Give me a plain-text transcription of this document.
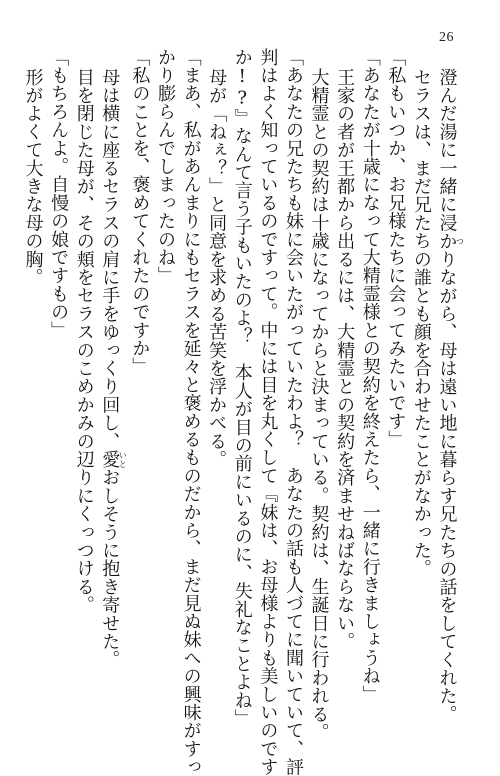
26
澄んだ湯に一緒に浸かつりながら、母は遠い地に暮らす兄たちの話をしてくれた。
セラスは、まだ兄たちの誰とも顔を合わせたことがなかった。
「私もいつか、お兄様たちに会ってみたいです」
「あなたが十歳になって大精霊様との契約を終えたら、一緒に行きましょうね」
王家の者が王都から出るには、大精霊との契約を済ませねばならない。
大精霊との契約は十歳になってからと決まっている。契約は、生誕日に行われる。
「あなたの兄たちも妹に会いたがっていたわよ？　あなたの話も人づてに聞いていて、評
判はよく知っているのですって。中には目を丸くして『妹は、お母様よりも美しいのです
か!?』なんて言う子もいたのよ？　本人が目の前にいるのに、失礼なことよね」
母が「ねぇ？」と同意を求める苦笑を浮かべる。
「まあ、私があんまりにもセラスを延々と褒めるものだから、まだ見ぬ妹への興味がすっ
かり膨らんでしまったのね」
「私のことを、褒めてくれたのですか」
母は横に座るセラスの肩に手をゆっくり回し、愛いとおしそうに抱き寄せた。
目を閉じた母が、その頬をセラスのこめかみの辺りにくっつける。
「もちろんよ。自慢の娘ですもの」
形がよくて大きな母の胸。
